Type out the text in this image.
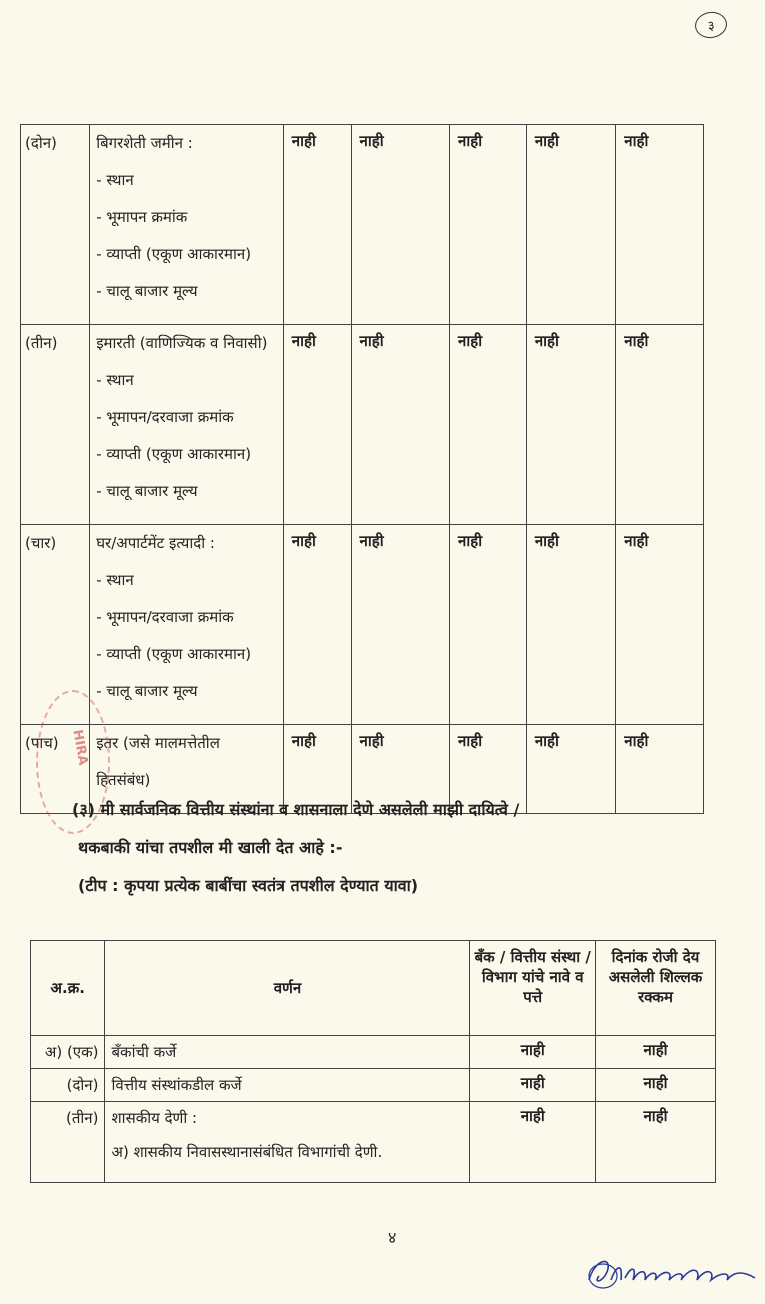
३
(दोन)	बिगरशेती जमीन :
- स्थान
- भूमापन क्रमांक
- व्याप्ती (एकूण आकारमान)
- चालू बाजार मूल्य	नाही	नाही	नाही	नाही	नाही
(तीन)	इमारती (वाणिज्यिक व निवासी)
- स्थान
- भूमापन/दरवाजा क्रमांक
- व्याप्ती (एकूण आकारमान)
- चालू बाजार मूल्य	नाही	नाही	नाही	नाही	नाही
(चार)	घर/अपार्टमेंट इत्यादी :
- स्थान
- भूमापन/दरवाजा क्रमांक
- व्याप्ती (एकूण आकारमान)
- चालू बाजार मूल्य	नाही	नाही	नाही	नाही	नाही
(पाच)	इतर (जसे मालमत्तेतील
हितसंबंध)	नाही	नाही	नाही	नाही	नाही
HIRA
(३) मी सार्वजनिक वित्तीय संस्थांना व शासनाला देणे असलेली माझी दायित्वे /
थकबाकी यांचा तपशील मी खाली देत आहे :-
(टीप : कृपया प्रत्येक बाबींचा स्वतंत्र तपशील देण्यात यावा)
अ.क्र.	वर्णन	बँक / वित्तीय संस्था / विभाग यांचे नावे व पत्ते	दिनांक रोजी देय असलेली शिल्लक रक्कम
अ) (एक)	बँकांची कर्जे	नाही	नाही
(दोन)	वित्तीय संस्थांकडील कर्जे	नाही	नाही
(तीन)	शासकीय देणी :
अ) शासकीय निवासस्थानासंबंधित विभागांची देणी.	नाही	नाही
४
